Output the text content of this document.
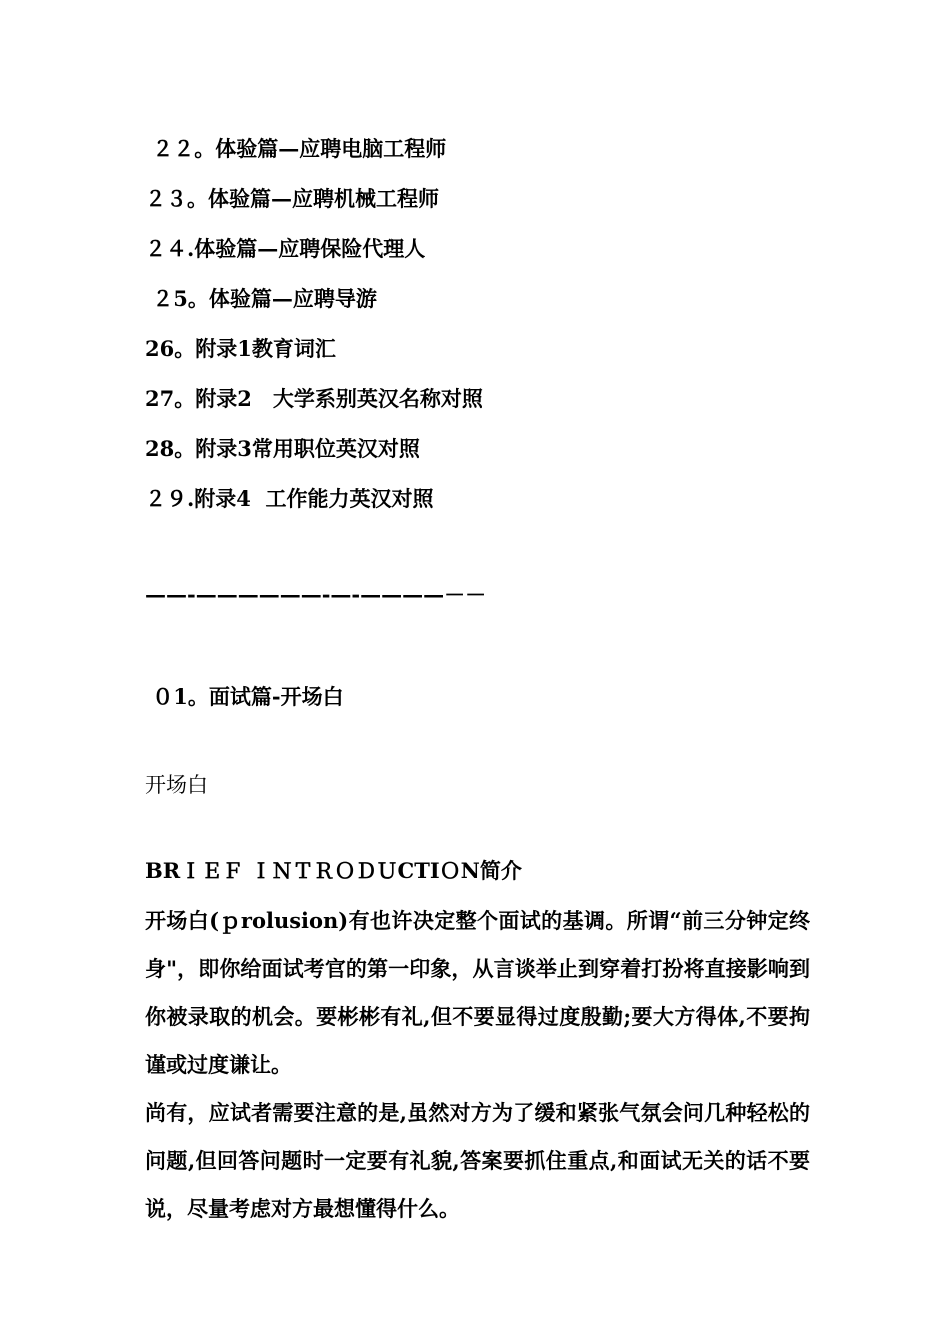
２２。体验篇—应聘电脑工程师
２３。体验篇—应聘机械工程师
２４.体验篇—应聘保险代理人
２5。体验篇—应聘导游
26。附录1教育词汇
27。附录2　大学系别英汉名称对照
28。附录3常用职位英汉对照
２９.附录4  工作能力英汉对照
——-——————-—-————－－
０1。面试篇-开场白
开场白
BRＩＥＦ ＩＮＴＲＯＤＵCTIＯN简介
开场白(ｐrolusion)有也许决定整个面试的基调。所谓“前三分钟定终身"，即你给面试考官的第一印象，从言谈举止到穿着打扮将直接影响到你被录取的机会。要彬彬有礼,但不要显得过度殷勤;要大方得体,不要拘谨或过度谦让。
尚有，应试者需要注意的是,虽然对方为了缓和紧张气氛会问几种轻松的问题,但回答问题时一定要有礼貌,答案要抓住重点,和面试无关的话不要说，尽量考虑对方最想懂得什么。
